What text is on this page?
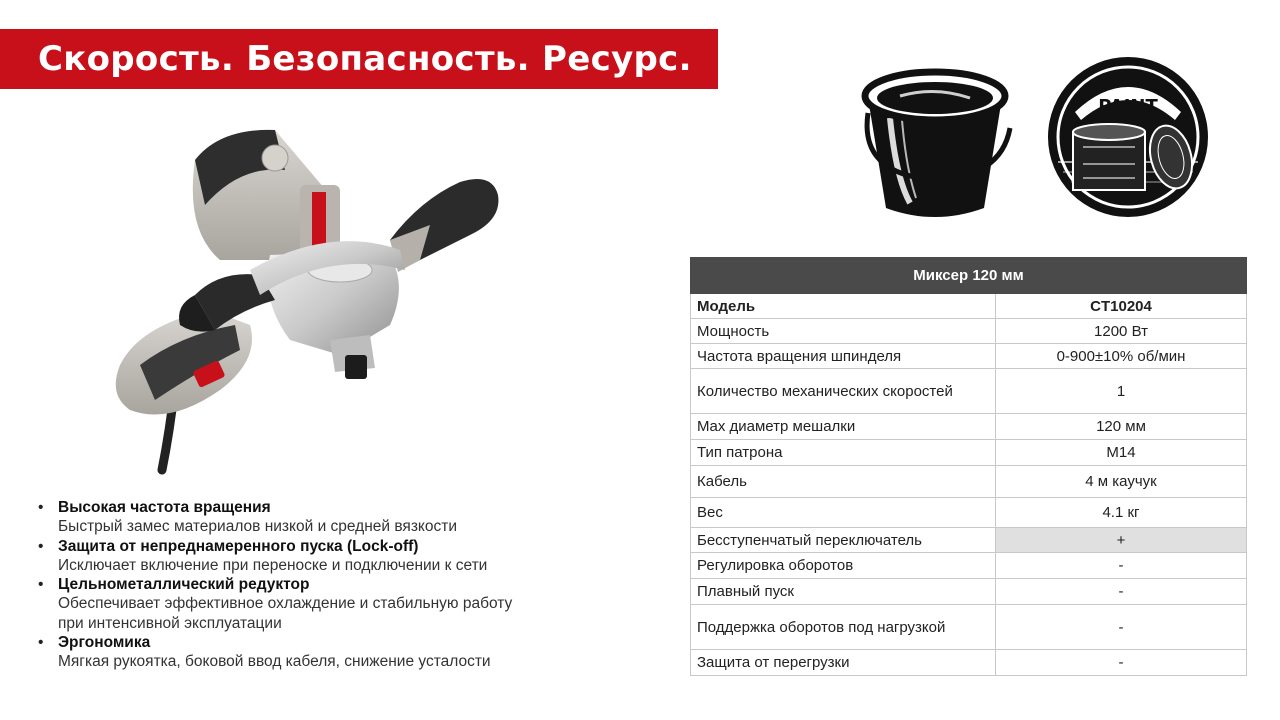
Скорость. Безопасность. Ресурс.
PAINT
• Высокая частота вращения
Быстрый замес материалов низкой и средней вязкости
• Защита от непреднамеренного пуска (Lock-off)
Исключает включение при переноске и подключении к сети
• Цельнометаллический редуктор
Обеспечивает эффективное охлаждение и стабильную работу
при интенсивной эксплуатации
• Эргономика
Мягкая рукоятка, боковой ввод кабеля, снижение усталости
Миксер 120 мм	
Модель	CT10204
Мощность	1200 Вт
Частота вращения шпинделя	0-900±10% об/мин
Количество механических скоростей	1
Max диаметр мешалки	120 мм
Тип патрона	M14
Кабель	4 м каучук
Вес	4.1 кг
Бесступенчатый переключатель	+
Регулировка оборотов	-
Плавный пуск	-
Поддержка оборотов под нагрузкой	-
Защита от перегрузки	-
